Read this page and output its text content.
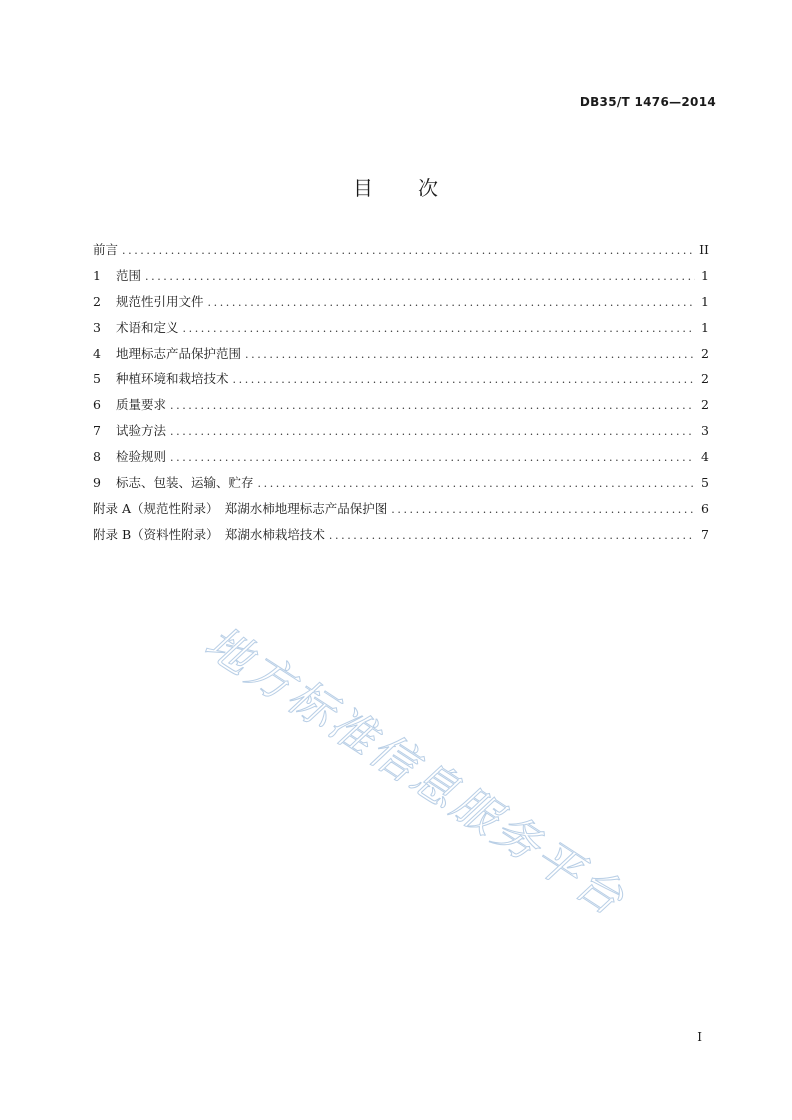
DB35/T 1476—2014
目 次
前言 .....	II
1	范围 .....	1
2	规范性引用文件 .....	1
3	术语和定义 .....	1
4	地理标志产品保护范围 .....	2
5	种植环境和栽培技术 .....	2
6	质量要求 .....	2
7	试验方法 .....	3
8	检验规则 .....	4
9	标志、包装、运输、贮存 .....	5
附录 A（规范性附录）　郑湖水柿地理标志产品保护图 .....	6
附录 B（资料性附录）　郑湖水柿栽培技术 .....	7
地方标准信息服务平台
I
